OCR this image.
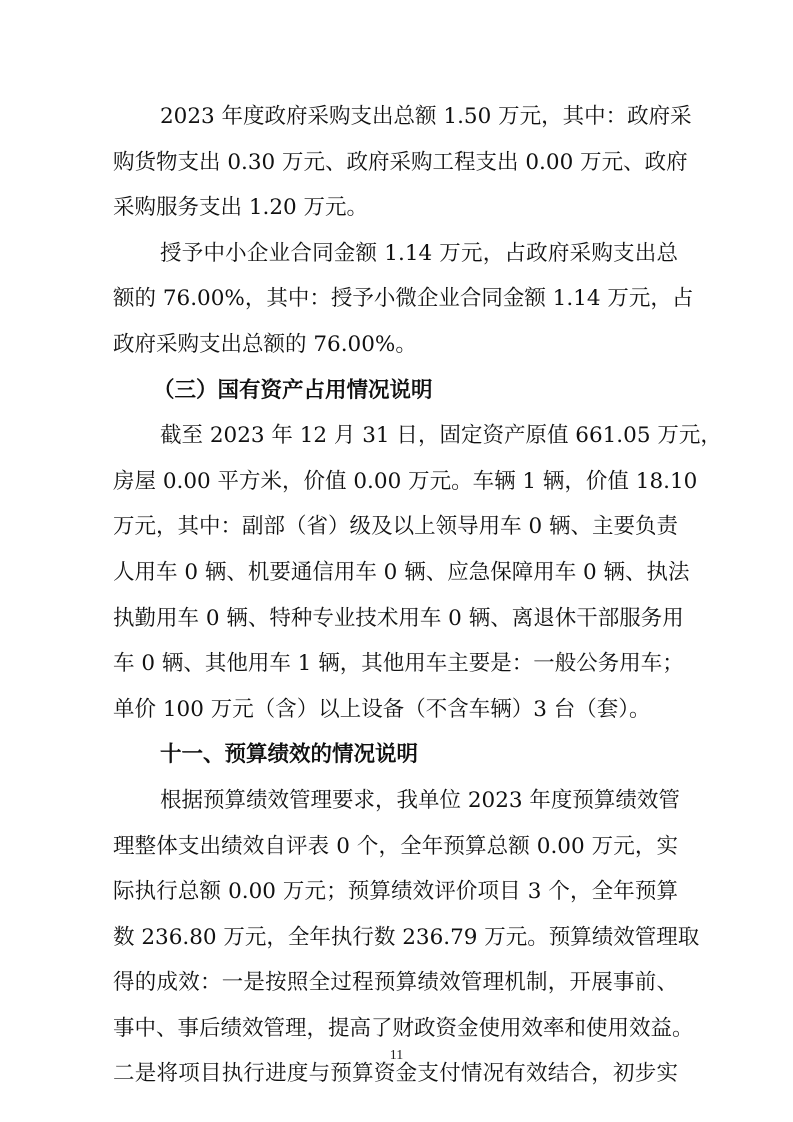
2023 年度政府采购支出总额 1.50 万元，其中：政府采
购货物支出 0.30 万元、政府采购工程支出 0.00 万元、政府
采购服务支出 1.20 万元。
授予中小企业合同金额 1.14 万元，占政府采购支出总
额的 76.00%，其中：授予小微企业合同金额 1.14 万元，占
政府采购支出总额的 76.00%。
（三）国有资产占用情况说明
截至 2023 年 12 月 31 日，固定资产原值 661.05 万元，
房屋 0.00 平方米，价值 0.00 万元。车辆 1 辆，价值 18.10
万元，其中：副部（省）级及以上领导用车 0 辆、主要负责
人用车 0 辆、机要通信用车 0 辆、应急保障用车 0 辆、执法
执勤用车 0 辆、特种专业技术用车 0 辆、离退休干部服务用
车 0 辆、其他用车 1 辆，其他用车主要是：一般公务用车；
单价 100 万元（含）以上设备（不含车辆）3 台（套）。
十一、预算绩效的情况说明
根据预算绩效管理要求，我单位 2023 年度预算绩效管
理整体支出绩效自评表 0 个，全年预算总额 0.00 万元，实
际执行总额 0.00 万元；预算绩效评价项目 3 个，全年预算
数 236.80 万元，全年执行数 236.79 万元。预算绩效管理取
得的成效：一是按照全过程预算绩效管理机制，开展事前、
事中、事后绩效管理，提高了财政资金使用效率和使用效益。
二是将项目执行进度与预算资金支付情况有效结合，初步实
11
